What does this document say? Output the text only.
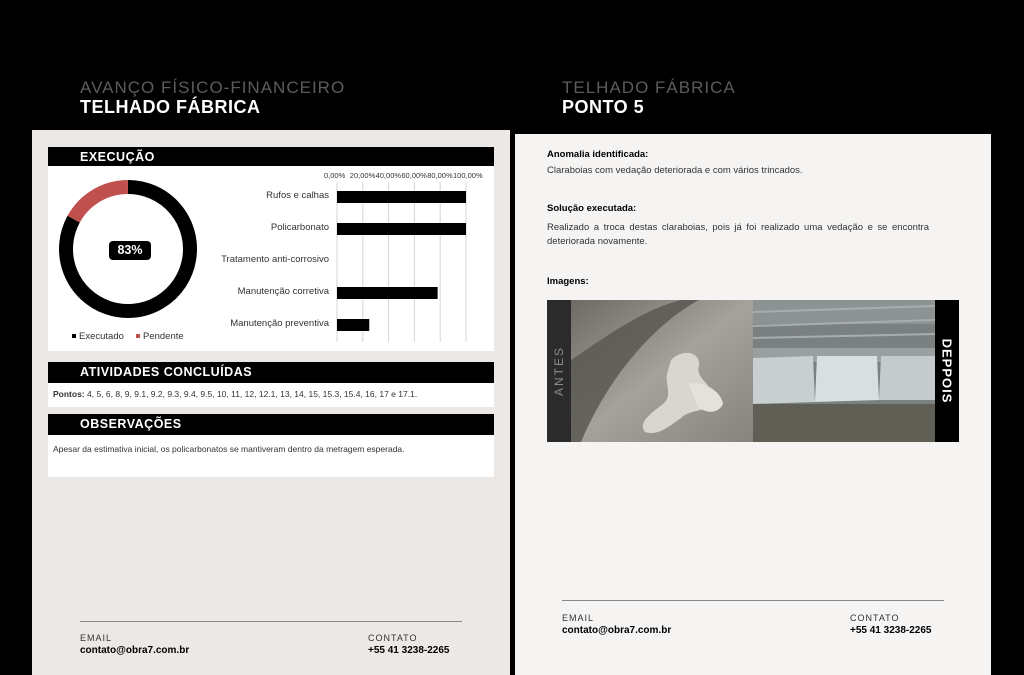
AVANÇO FÍSICO-FINANCEIRO
TELHADO FÁBRICA
EXECUÇÃO
83%
Executado	Pendente
0,00% 20,00% 40,00% 60,00% 80,00% 100,00%
Rufos e calhas
Policarbonato
Tratamento anti-corrosivo
Manutenção corretiva
Manutenção preventiva
ATIVIDADES CONCLUÍDAS
Pontos: 4, 5, 6, 8, 9, 9.1, 9.2, 9.3, 9.4, 9.5, 10, 11, 12, 12.1, 13, 14, 15, 15.3, 15.4, 16, 17 e 17.1.
OBSERVAÇÕES
Apesar da estimativa inicial, os policarbonatos se mantiveram dentro da metragem esperada.
EMAIL
contato@obra7.com.br
CONTATO
+55 41 3238-2265
TELHADO FÁBRICA
PONTO 5
Anomalia identificada:
Claraboias com vedação deteriorada e com vários trincados.
Solução executada:
Realizado a troca destas claraboias, pois já foi realizado uma vedação e se encontra deteriorada novamente.
Imagens:
ANTES	DEPPOIS
EMAIL
contato@obra7.com.br
CONTATO
+55 41 3238-2265
